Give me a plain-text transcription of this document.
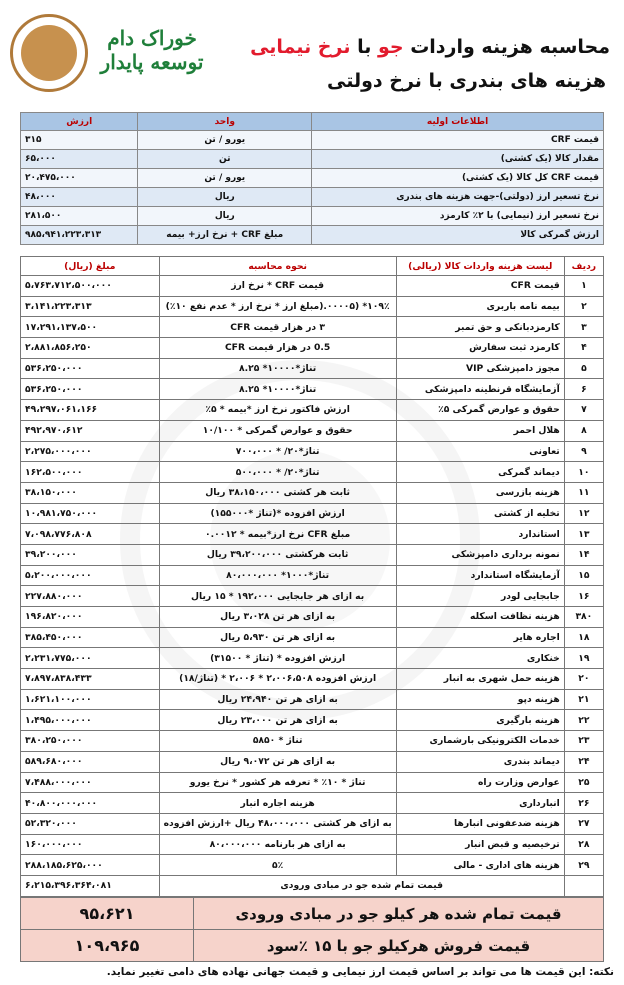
محاسبه هزینه واردات جو با نرخ نیمایی
هزینه های بندری با نرخ دولتی
خوراک دام
توسعه پایدار
اطلاعات اولیه	واحد	ارزش
قیمت CRF	یورو / تن	۳۱۵
مقدار کالا (یک کشتی)	تن	۶۵،۰۰۰
قیمت CRF کل کالا (یک کشتی)	یورو / تن	۲۰،۴۷۵،۰۰۰
نرخ تسعیر ارز (دولتی)-جهت هزینه های بندری	ریال	۴۸،۰۰۰
نرخ تسعیر ارز (نیمایی) با ۲٪ کارمزد	ریال	۲۸۱،۵۰۰
ارزش گمرکی کالا	مبلغ CRF + نرخ ارز+ بیمه	۹۸۵،۹۴۱،۲۲۳،۳۱۳
ردیف	لیست هزینه واردات کالا (ریالی)	نحوه محاسبه	مبلغ (ریال)
۱	قیمت CFR	قیمت CRF * نرخ ارز	۵،۷۶۳،۷۱۲،۵۰۰،۰۰۰
۲	بیمه نامه باربری	۱۰۹٪* (۰۰۰۰۵.(مبلغ ارز * نرخ ارز * عدم نفع ۱۰٪)	۳،۱۴۱،۲۲۳،۳۱۳
۳	کارمزدبانکی و حق تمبر	۳ در هزار قیمت CFR	۱۷،۲۹۱،۱۳۷،۵۰۰
۴	کارمزد ثبت سفارش	0.5 در هزار قیمت CFR	۲،۸۸۱،۸۵۶،۲۵۰
۵	مجوز دامپزشکی VIP	تناژ*۱۰۰۰۰* ۸.۲۵	۵۳۶،۲۵۰،۰۰۰
۶	آزمایشگاه قرنطینه دامپزشکی	تناژ*۱۰۰۰۰* ۸.۲۵	۵۳۶،۲۵۰،۰۰۰
۷	حقوق و عوارض گمرکی ۵٪	ارزش فاکتور نرخ ارز *بیمه * ۵٪	۴۹،۲۹۷،۰۶۱،۱۶۶
۸	هلال احمر	حقوق و عوارض گمرکی * ۱۰/۱۰۰	۴۹۲،۹۷۰،۶۱۲
۹	تعاونی	تناژ*۲۰/ * ۷۰۰،۰۰۰	۲،۲۷۵،۰۰۰،۰۰۰
۱۰	دیماند گمرکی	تناژ*۲۰/ * ۵۰۰،۰۰۰	۱۶۲،۵۰۰،۰۰۰
۱۱	هزینه بازرسی	ثابت هر کشتی ۳۸،۱۵۰،۰۰۰ ریال	۳۸،۱۵۰،۰۰۰
۱۲	تخلیه از کشتی	ارزش افزوده *(تناژ *۱۵۵۰۰۰)	۱۰،۹۸۱،۷۵۰،۰۰۰
۱۳	استاندارد	مبلغ CFR نرخ ارز*بیمه * ۰.۰۰۱۲	۷،۰۹۸،۷۷۶،۸۰۸
۱۴	نمونه برداری دامپزشکی	ثابت هرکشتی ۳۹،۲۰۰،۰۰۰ ریال	۳۹،۲۰۰،۰۰۰
۱۵	آزمایشگاه استاندارد	تناژ*۱۰۰۰* ۸۰،۰۰۰،۰۰۰	۵،۲۰۰،۰۰۰،۰۰۰
۱۶	جابجایی لودر	به ازای هر جابجایی ۱۹۲،۰۰۰ * ۱۵ ریال	۲۲۷،۸۸۰،۰۰۰
۳۸۰	هزینه نظافت اسکله	به ازای هر تن ۳،۰۲۸ ریال	۱۹۶،۸۲۰،۰۰۰
۱۸	اجاره هایر	به ازای هر تن ۵،۹۳۰ ریال	۳۸۵،۴۵۰،۰۰۰
۱۹	خنکاری	ارزش افزوده * (تناژ * ۳۱۵۰۰)	۲،۲۳۱،۷۷۵،۰۰۰
۲۰	هزینه حمل شهری به انبار	ارزش افزوده ۲،۰۰۶،۵۰۸ * ۲،۰۰۶ * (تناژ/۱۸)	۷،۸۹۷،۸۳۸،۴۳۳
۲۱	هزینه دپو	به ازای هر تن ۲۴،۹۴۰ ریال	۱،۶۲۱،۱۰۰،۰۰۰
۲۲	هزینه بارگیری	به ازای هر تن ۲۳،۰۰۰ ریال	۱،۴۹۵،۰۰۰،۰۰۰
۲۳	خدمات الکترونیکی بارشماری	تناژ * ۵۸۵۰	۳۸۰،۲۵۰،۰۰۰
۲۴	دیماند بندری	به ازای هر تن ۹،۰۷۲ ریال	۵۸۹،۶۸۰،۰۰۰
۲۵	عوارض وزارت راه	تناژ * ۱۰٪ * تعرفه هر کشور * نرخ یورو	۷،۴۸۸،۰۰۰،۰۰۰
۲۶	انبارداری	هزینه اجاره انبار	۴۰،۸۰۰،۰۰۰،۰۰۰
۲۷	هزینه ضدعفونی انبارها	به ازای هر کشتی ۴۸،۰۰۰،۰۰۰ ریال +ارزش افزوده	۵۲،۳۲۰،۰۰۰
۲۸	ترخیصیه و قبض انبار	به ازای هر بارنامه ۸۰،۰۰۰،۰۰۰	۱۶۰،۰۰۰،۰۰۰
۲۹	هزینه های اداری - مالی	۵٪	۲۸۸،۱۸۵،۶۲۵،۰۰۰
	قیمت تمام شده جو در مبادی ورودی		۶،۲۱۵،۳۹۶،۳۶۴،۰۸۱
قیمت تمام شده هر کیلو جو در مبادی ورودی	۹۵،۶۲۱
قیمت فروش هرکیلو جو با ۱۵ ٪سود	۱۰۹،۹۶۵
نکته: این قیمت ها می تواند بر اساس قیمت ارز نیمایی و قیمت جهانی نهاده های دامی تغییر نماید.
